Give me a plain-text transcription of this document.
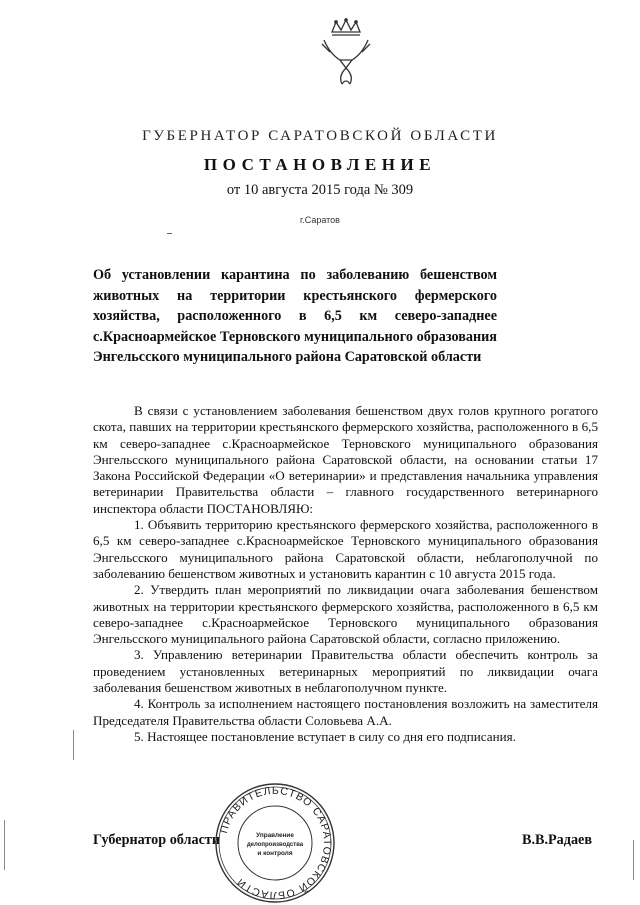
ГУБЕРНАТОР САРАТОВСКОЙ ОБЛАСТИ
ПОСТАНОВЛЕНИЕ
от 10 августа 2015 года № 309
г.Саратов
Об установлении карантина по заболеванию бешенством животных на территории крестьянского фермерского хозяйства, расположенного в 6,5 км северо-западнее с.Красноармейское Терновского муниципального образования Энгельсского муниципального района Саратовской области

В связи с установлением заболевания бешенством двух голов крупного рогатого скота, павших на территории крестьянского фермерского хозяйства, расположенного в 6,5 км северо-западнее с.Красноармейское Терновского муниципального образования Энгельсского муниципального района Саратовской области, на основании статьи 17 Закона Российской Федерации «О ветеринарии» и представления начальника управления ветеринарии Правительства области – главного государственного ветеринарного инспектора области ПОСТАНОВЛЯЮ:

1. Объявить территорию крестьянского фермерского хозяйства, расположенного в 6,5 км северо-западнее с.Красноармейское Терновского муниципального образования Энгельсского муниципального района Саратовской области, неблагополучной по заболеванию бешенством животных и установить карантин с 10 августа 2015 года.

2. Утвердить план мероприятий по ликвидации очага заболевания бешенством животных на территории крестьянского фермерского хозяйства, расположенного в 6,5 км северо-западнее с.Красноармейское Терновского муниципального образования Энгельсского муниципального района Саратовской области, согласно приложению.

3. Управлению ветеринарии Правительства области обеспечить контроль за проведением установленных ветеринарных мероприятий по ликвидации очага заболевания бешенством животных в неблагополучном пункте.

4. Контроль за исполнением настоящего постановления возложить на заместителя Председателя Правительства области Соловьева А.А.

5. Настоящее постановление вступает в силу со дня его подписания.

Губернатор области	В.В.Радаев
ПРАВИТЕЛЬСТВО САРАТОВСКОЙ ОБЛАСТИ
Управление
делопроизводства
и контроля
